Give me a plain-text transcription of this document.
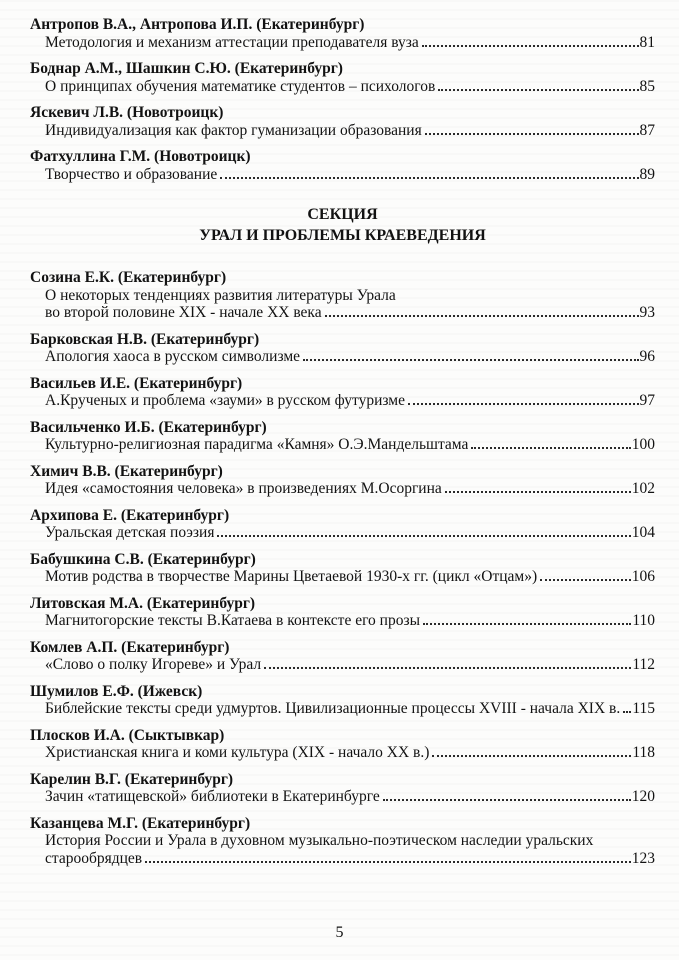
Антропов В.А., Антропова И.П. (Екатеринбург)
Методология и механизм аттестации преподавателя вуза	81
Боднар А.М., Шашкин С.Ю. (Екатеринбург)
О принципах обучения математике студентов – психологов	85
Яскевич Л.В. (Новотроицк)
Индивидуализация как фактор гуманизации образования	87
Фатхуллина Г.М. (Новотроицк)
Творчество и образование	89
СЕКЦИЯ
УРАЛ И ПРОБЛЕМЫ КРАЕВЕДЕНИЯ
Созина Е.К. (Екатеринбург)
О некоторых тенденциях развития литературы Урала
во второй половине XIX - начале XX века	93
Барковская Н.В. (Екатеринбург)
Апология хаоса в русском символизме	96
Васильев И.Е. (Екатеринбург)
А.Крученых и проблема «зауми» в русском футуризме	97
Васильченко И.Б. (Екатеринбург)
Культурно-религиозная парадигма «Камня» О.Э.Мандельштама	100
Химич В.В. (Екатеринбург)
Идея «самостояния человека» в произведениях М.Осоргина	102
Архипова Е. (Екатеринбург)
Уральская детская поэзия	104
Бабушкина С.В. (Екатеринбург)
Мотив родства в творчестве Марины Цветаевой 1930-х гг. (цикл «Отцам»)	106
Литовская М.А. (Екатеринбург)
Магнитогорские тексты В.Катаева в контексте его прозы	110
Комлев А.П. (Екатеринбург)
«Слово о полку Игореве» и Урал	112
Шумилов Е.Ф. (Ижевск)
Библейские тексты среди удмуртов. Цивилизационные процессы XVIII - начала XIX в. 115
Плосков И.А. (Сыктывкар)
Христианская книга и коми культура (XIX - начало XX в.)	118
Карелин В.Г. (Екатеринбург)
Зачин «татищевской» библиотеки в Екатеринбурге	120
Казанцева М.Г. (Екатеринбург)
История России и Урала в духовном музыкально-поэтическом наследии уральских
старообрядцев	123
5
